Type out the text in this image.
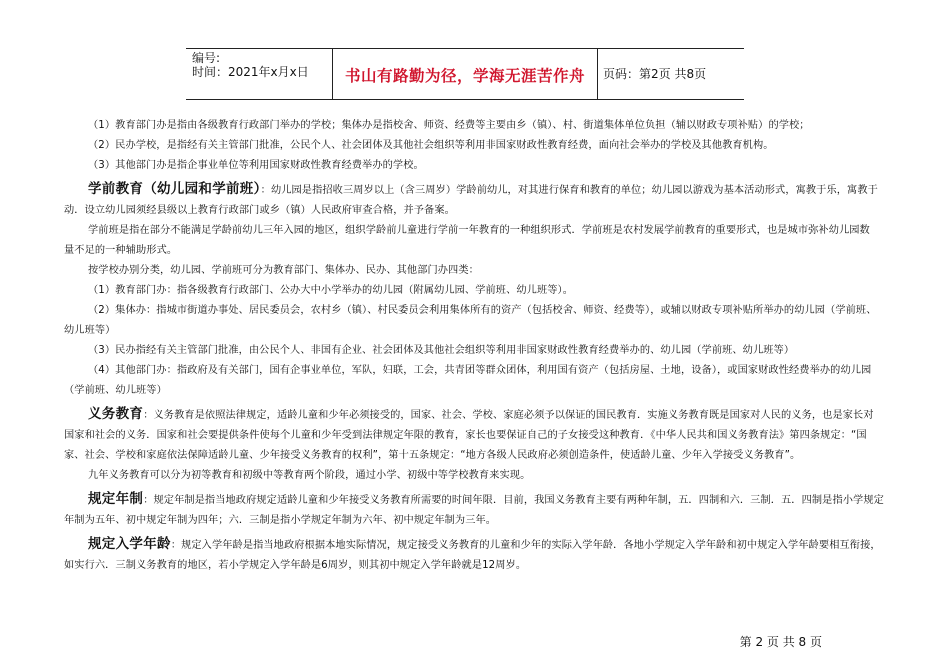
编号:
时间：2021年x月x日	书山有路勤为径，学海无涯苦作舟	页码：第2页 共8页

（1）教育部门办是指由各级教育行政部门举办的学校；集体办是指校舍、师资、经费等主要由乡（镇）、村、街道集体单位负担（辅以财政专项补贴）的学校；

（2）民办学校，是指经有关主管部门批准，公民个人、社会团体及其他社会组织等利用非国家财政性教育经费，面向社会举办的学校及其他教育机构。

（3）其他部门办是指企事业单位等利用国家财政性教育经费举办的学校。

学前教育（幼儿园和学前班）：幼儿园是指招收三周岁以上（含三周岁）学龄前幼儿，对其进行保育和教育的单位；幼儿园以游戏为基本活动形式，寓教于乐，寓教于

动．设立幼儿园须经县级以上教育行政部门或乡（镇）人民政府审查合格，并予备案。

学前班是指在部分不能满足学龄前幼儿三年入园的地区，组织学龄前儿童进行学前一年教育的一种组织形式．学前班是农村发展学前教育的重要形式，也是城市弥补幼儿园数

量不足的一种辅助形式。

按学校办别分类，幼儿园、学前班可分为教育部门、集体办、民办、其他部门办四类：

（1）教育部门办：指各级教育行政部门、公办大中小学举办的幼儿园（附属幼儿园、学前班、幼儿班等）。

（2）集体办：指城市街道办事处、居民委员会，农村乡（镇）、村民委员会利用集体所有的资产（包括校舍、师资、经费等），或辅以财政专项补贴所举办的幼儿园（学前班、

幼儿班等）

（3）民办指经有关主管部门批准，由公民个人、非国有企业、社会团体及其他社会组织等利用非国家财政性教育经费举办的、幼儿园（学前班、幼儿班等）

（4）其他部门办：指政府及有关部门，国有企事业单位，军队，妇联，工会，共青团等群众团体，利用国有资产（包括房屋、土地，设备），或国家财政性经费举办的幼儿园

（学前班、幼儿班等）

义务教育：义务教育是依照法律规定，适龄儿童和少年必须接受的，国家、社会、学校、家庭必须予以保证的国民教育．实施义务教育既是国家对人民的义务，也是家长对

国家和社会的义务．国家和社会要提供条件使每个儿童和少年受到法律规定年限的教育，家长也要保证自己的子女接受这种教育．《中华人民共和国义务教育法》第四条规定：“国

家、社会、学校和家庭依法保障适龄儿童、少年接受义务教育的权利”，第十五条规定：“地方各级人民政府必须创造条件，使适龄儿童、少年入学接受义务教育”。

九年义务教育可以分为初等教育和初级中等教育两个阶段，通过小学、初级中等学校教育来实现。

规定年制：规定年制是指当地政府规定适龄儿童和少年接受义务教育所需要的时间年限．目前，我国义务教育主要有两种年制，五．四制和六．三制．五．四制是指小学规定

年制为五年、初中规定年制为四年；六．三制是指小学规定年制为六年、初中规定年制为三年。

规定入学年龄：规定入学年龄是指当地政府根据本地实际情况，规定接受义务教育的儿童和少年的实际入学年龄．各地小学规定入学年龄和初中规定入学年龄要相互衔接，

如实行六．三制义务教育的地区，若小学规定入学年龄是6周岁，则其初中规定入学年龄就是12周岁。

第 2 页 共 8 页
